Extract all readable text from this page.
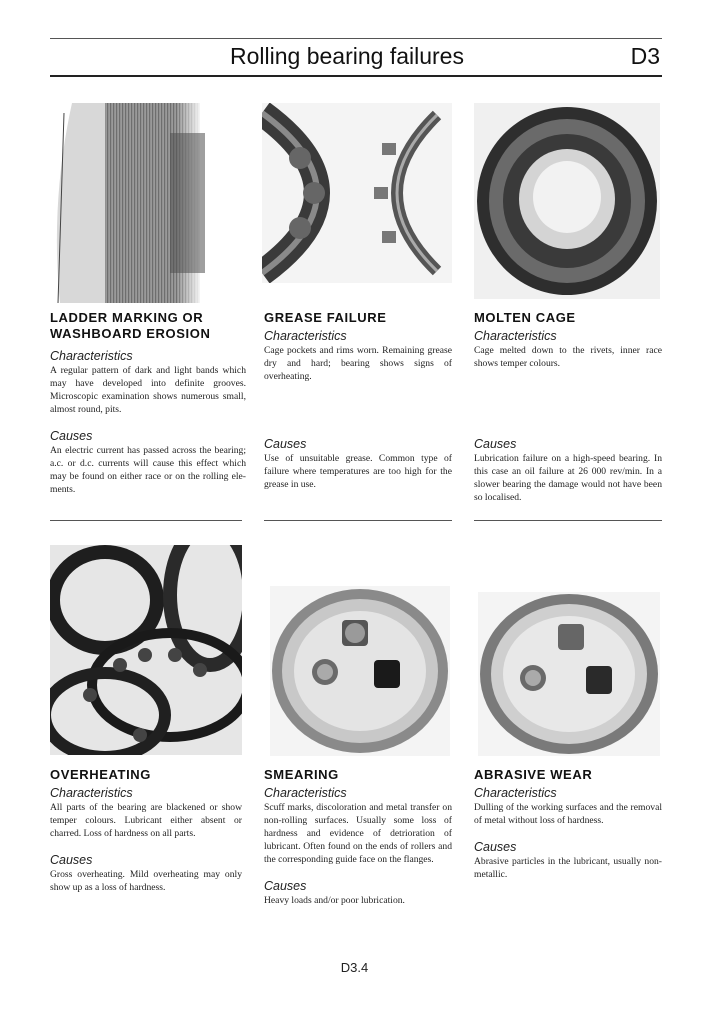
Rolling bearing failures	D3
LADDER MARKING OR
WASHBOARD EROSION
Characteristics
A regular pattern of dark and light bands which may have developed into definite grooves. Microscopic examination shows numerous small, almost round, pits.
Causes
An electric current has passed across the bearing; a.c. or d.c. currents will cause this effect which may be found on either race or on the rolling elements.
GREASE FAILURE
Characteristics
Cage pockets and rims worn. Remaining grease dry and hard; bearing shows signs of overheating.
Causes
Use of unsuitable grease. Common type of failure where temperatures are too high for the grease in use.
MOLTEN CAGE
Characteristics
Cage melted down to the rivets, inner race shows temper colours.
Causes
Lubrication failure on a high-speed bearing. In this case an oil failure at 26 000 rev/min. In a slower bearing the damage would not have been so localised.
OVERHEATING
Characteristics
All parts of the bearing are blackened or show temper colours. Lubricant either absent or charred. Loss of hardness on all parts.
Causes
Gross overheating. Mild overheating may only show up as a loss of hardness.
SMEARING
Characteristics
Scuff marks, discoloration and metal transfer on non-rolling surfaces. Usually some loss of hardness and evidence of detrioration of lubricant. Often found on the ends of rollers and the corresponding guide face on the flanges.
Causes
Heavy loads and/or poor lubrication.
ABRASIVE WEAR
Characteristics
Dulling of the working surfaces and the removal of metal without loss of hardness.
Causes
Abrasive particles in the lubricant, usually non-metallic.
D3.4
